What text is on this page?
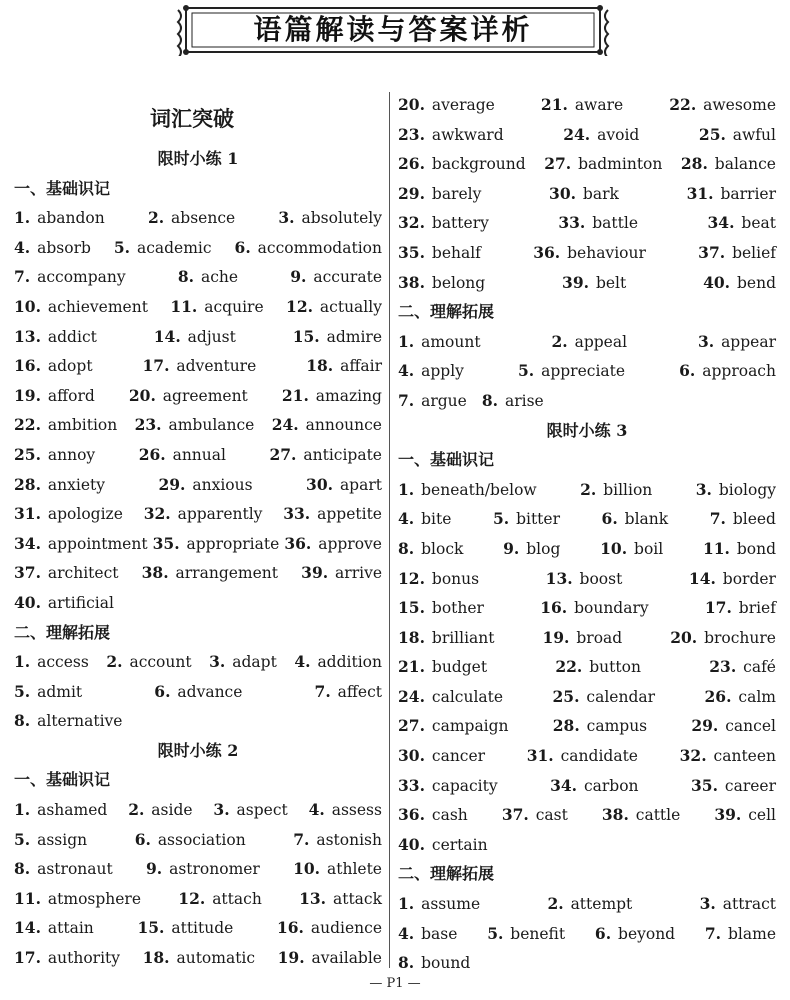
语篇解读与答案详析
词汇突破
限时小练 1
一、基础识记
1. abandon	2. absence	3. absolutely
4. absorb 5. academic 6. accommodation
7. accompany	8. ache	9. accurate
10. achievement 11. acquire 12. actually
13. addict	14. adjust	15. admire
16. adopt	17. adventure	18. affair
19. afford 20. agreement 21. amazing
22. ambition 23. ambulance 24. announce
25. annoy	26. annual	27. anticipate
28. anxiety	29. anxious	30. apart
31. apologize 32. apparently 33. appetite
34. appointment 35. appropriate 36. approve
37. architect 38. arrangement 39. arrive
40. artificial
二、理解拓展
1. access 2. account 3. adapt 4. addition
5. admit	6. advance	7. affect
8. alternative
限时小练 2
一、基础识记
1. ashamed 2. aside 3. aspect 4. assess
5. assign	6. association	7. astonish
8. astronaut 9. astronomer 10. athlete
11. atmosphere 12. attach 13. attack
14. attain	15. attitude	16. audience
17. authority 18. automatic 19. available
20. average	21. aware	22. awesome
23. awkward	24. avoid	25. awful
26. background 27. badminton 28. balance
29. barely	30. bark	31. barrier
32. battery	33. battle	34. beat
35. behalf	36. behaviour	37. belief
38. belong	39. belt	40. bend
二、理解拓展
1. amount	2. appeal	3. appear
4. apply	5. appreciate	6. approach
7. argue 8. arise
限时小练 3
一、基础识记
1. beneath/below	2. billion	3. biology
4. bite	5. bitter	6. blank	7. bleed
8. block	9. blog	10. boil	11. bond
12. bonus	13. boost	14. border
15. bother	16. boundary	17. brief
18. brilliant	19. broad	20. brochure
21. budget	22. button	23. café
24. calculate	25. calendar	26. calm
27. campaign	28. campus	29. cancel
30. cancer	31. candidate	32. canteen
33. capacity	34. carbon	35. career
36. cash 37. cast 38. cattle 39. cell
40. certain
二、理解拓展
1. assume	2. attempt	3. attract
4. base 5. benefit 6. beyond 7. blame
8. bound
— P1 —
